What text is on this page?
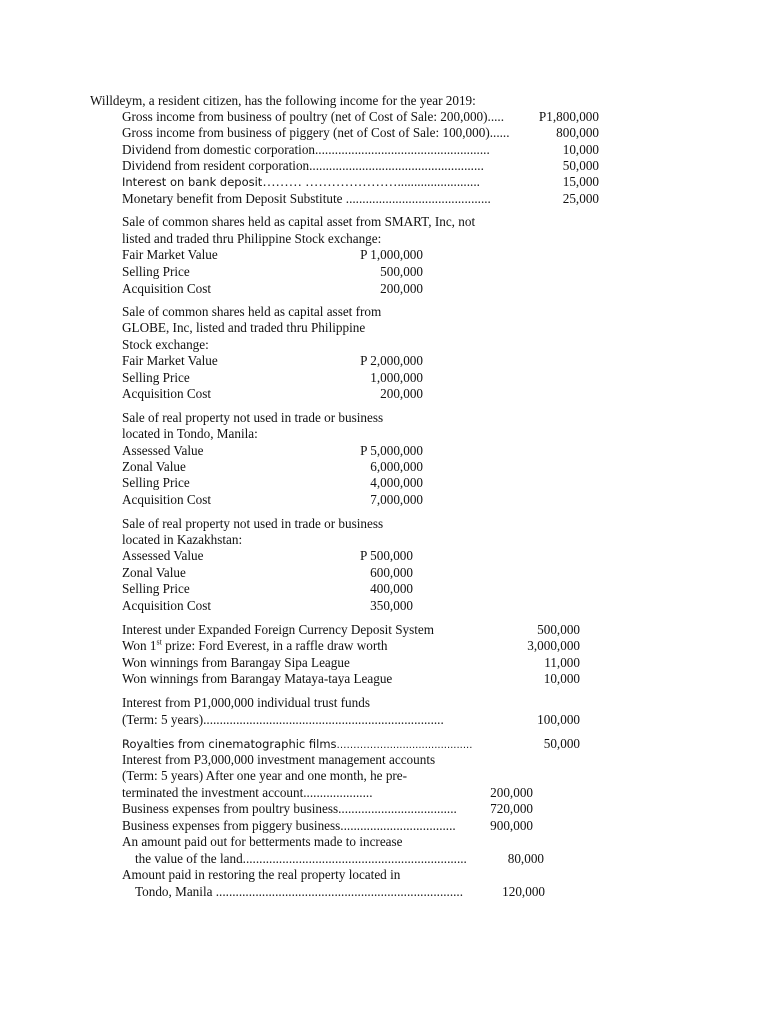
Willdeym, a resident citizen, has the following income for the year 2019:
Gross income from business of poultry (net of Cost of Sale: 200,000).....	P1,800,000
Gross income from business of piggery (net of Cost of Sale: 100,000)......	800,000
Dividend from domestic corporation.....................................................	10,000
Dividend from resident corporation.....................................................	50,000
Interest on bank deposit……… ………………….........................	15,000
Monetary benefit from Deposit Substitute ............................................	25,000
Sale of common shares held as capital asset from SMART, Inc, not
listed and traded thru Philippine Stock exchange:
Fair Market Value	P 1,000,000
Selling Price	500,000
Acquisition Cost	200,000
Sale of common shares held as capital asset from
GLOBE, Inc, listed and traded thru Philippine
Stock exchange:
Fair Market Value	P 2,000,000
Selling Price	1,000,000
Acquisition Cost	200,000
Sale of real property not used in trade or business
located in Tondo, Manila:
Assessed Value	P 5,000,000
Zonal Value	6,000,000
Selling Price	4,000,000
Acquisition Cost	7,000,000
Sale of real property not used in trade or business
located in Kazakhstan:
Assessed Value	P 500,000
Zonal Value	600,000
Selling Price	400,000
Acquisition Cost	350,000
Interest under Expanded Foreign Currency Deposit System	500,000
Won 1st prize: Ford Everest, in a raffle draw worth	3,000,000
Won winnings from Barangay Sipa League	11,000
Won winnings from Barangay Mataya-taya League	10,000
Interest from P1,000,000 individual trust funds
(Term: 5 years).........................................................................	100,000
Royalties from cinematographic films……………...........................	50,000
Interest from P3,000,000 investment management accounts
(Term: 5 years) After one year and one month, he pre-
terminated the investment account.....................	200,000
Business expenses from poultry business....................................	720,000
Business expenses from piggery business...................................	900,000
An amount paid out for betterments made to increase
the value of the land....................................................................	80,000
Amount paid in restoring the real property located in
Tondo, Manila ...........................................................................	120,000
